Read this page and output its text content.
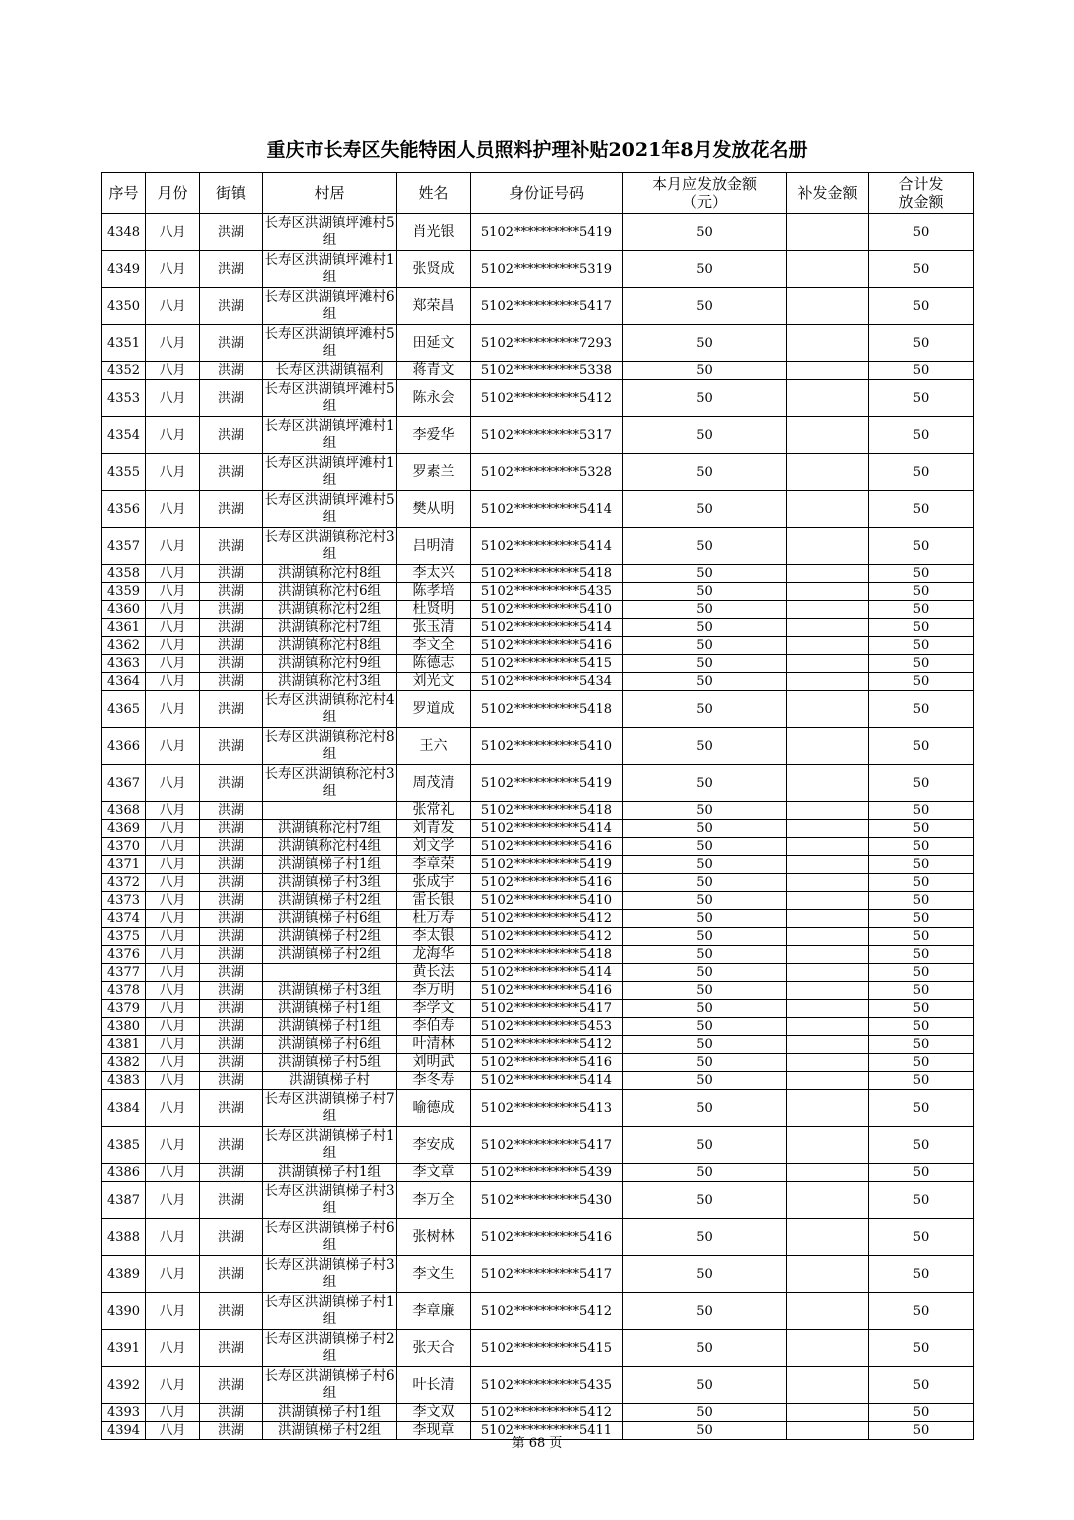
重庆市长寿区失能特困人员照料护理补贴2021年8月发放花名册
序号	月份	街镇	村居	姓名	身份证号码	本月应发放金额（元）	补发金额	合计发放金额
4348	八月	洪湖	长寿区洪湖镇坪滩村5组	肖光银	5102**********5419	50		50
4349	八月	洪湖	长寿区洪湖镇坪滩村1组	张贤成	5102**********5319	50		50
4350	八月	洪湖	长寿区洪湖镇坪滩村6组	郑荣昌	5102**********5417	50		50
4351	八月	洪湖	长寿区洪湖镇坪滩村5组	田延文	5102**********7293	50		50
4352	八月	洪湖	长寿区洪湖镇福利	蒋青文	5102**********5338	50		50
4353	八月	洪湖	长寿区洪湖镇坪滩村5组	陈永会	5102**********5412	50		50
4354	八月	洪湖	长寿区洪湖镇坪滩村1组	李爱华	5102**********5317	50		50
4355	八月	洪湖	长寿区洪湖镇坪滩村1组	罗素兰	5102**********5328	50		50
4356	八月	洪湖	长寿区洪湖镇坪滩村5组	樊从明	5102**********5414	50		50
4357	八月	洪湖	长寿区洪湖镇称沱村3组	吕明清	5102**********5414	50		50
4358	八月	洪湖	洪湖镇称沱村8组	李太兴	5102**********5418	50		50
4359	八月	洪湖	洪湖镇称沱村6组	陈孝培	5102**********5435	50		50
4360	八月	洪湖	洪湖镇称沱村2组	杜贤明	5102**********5410	50		50
4361	八月	洪湖	洪湖镇称沱村7组	张玉清	5102**********5414	50		50
4362	八月	洪湖	洪湖镇称沱村8组	李文全	5102**********5416	50		50
4363	八月	洪湖	洪湖镇称沱村9组	陈德志	5102**********5415	50		50
4364	八月	洪湖	洪湖镇称沱村3组	刘光文	5102**********5434	50		50
4365	八月	洪湖	长寿区洪湖镇称沱村4组	罗道成	5102**********5418	50		50
4366	八月	洪湖	长寿区洪湖镇称沱村8组	王六	5102**********5410	50		50
4367	八月	洪湖	长寿区洪湖镇称沱村3组	周茂清	5102**********5419	50		50
4368	八月	洪湖		张常礼	5102**********5418	50		50
4369	八月	洪湖	洪湖镇称沱村7组	刘青发	5102**********5414	50		50
4370	八月	洪湖	洪湖镇称沱村4组	刘文学	5102**********5416	50		50
4371	八月	洪湖	洪湖镇梯子村1组	李章荣	5102**********5419	50		50
4372	八月	洪湖	洪湖镇梯子村3组	张成宇	5102**********5416	50		50
4373	八月	洪湖	洪湖镇梯子村2组	雷长银	5102**********5410	50		50
4374	八月	洪湖	洪湖镇梯子村6组	杜万寿	5102**********5412	50		50
4375	八月	洪湖	洪湖镇梯子村2组	李太银	5102**********5412	50		50
4376	八月	洪湖	洪湖镇梯子村2组	龙海华	5102**********5418	50		50
4377	八月	洪湖		黄长法	5102**********5414	50		50
4378	八月	洪湖	洪湖镇梯子村3组	李万明	5102**********5416	50		50
4379	八月	洪湖	洪湖镇梯子村1组	李学文	5102**********5417	50		50
4380	八月	洪湖	洪湖镇梯子村1组	李伯寿	5102**********5453	50		50
4381	八月	洪湖	洪湖镇梯子村6组	叶清林	5102**********5412	50		50
4382	八月	洪湖	洪湖镇梯子村5组	刘明武	5102**********5416	50		50
4383	八月	洪湖	洪湖镇梯子村	李冬寿	5102**********5414	50		50
4384	八月	洪湖	长寿区洪湖镇梯子村7组	喻德成	5102**********5413	50		50
4385	八月	洪湖	长寿区洪湖镇梯子村1组	李安成	5102**********5417	50		50
4386	八月	洪湖	洪湖镇梯子村1组	李文章	5102**********5439	50		50
4387	八月	洪湖	长寿区洪湖镇梯子村3组	李万全	5102**********5430	50		50
4388	八月	洪湖	长寿区洪湖镇梯子村6组	张树林	5102**********5416	50		50
4389	八月	洪湖	长寿区洪湖镇梯子村3组	李文生	5102**********5417	50		50
4390	八月	洪湖	长寿区洪湖镇梯子村1组	李章廉	5102**********5412	50		50
4391	八月	洪湖	长寿区洪湖镇梯子村2组	张天合	5102**********5415	50		50
4392	八月	洪湖	长寿区洪湖镇梯子村6组	叶长清	5102**********5435	50		50
4393	八月	洪湖	洪湖镇梯子村1组	李文双	5102**********5412	50		50
4394	八月	洪湖	洪湖镇梯子村2组	李现章	5102**********5411	50		50
第 68 页
